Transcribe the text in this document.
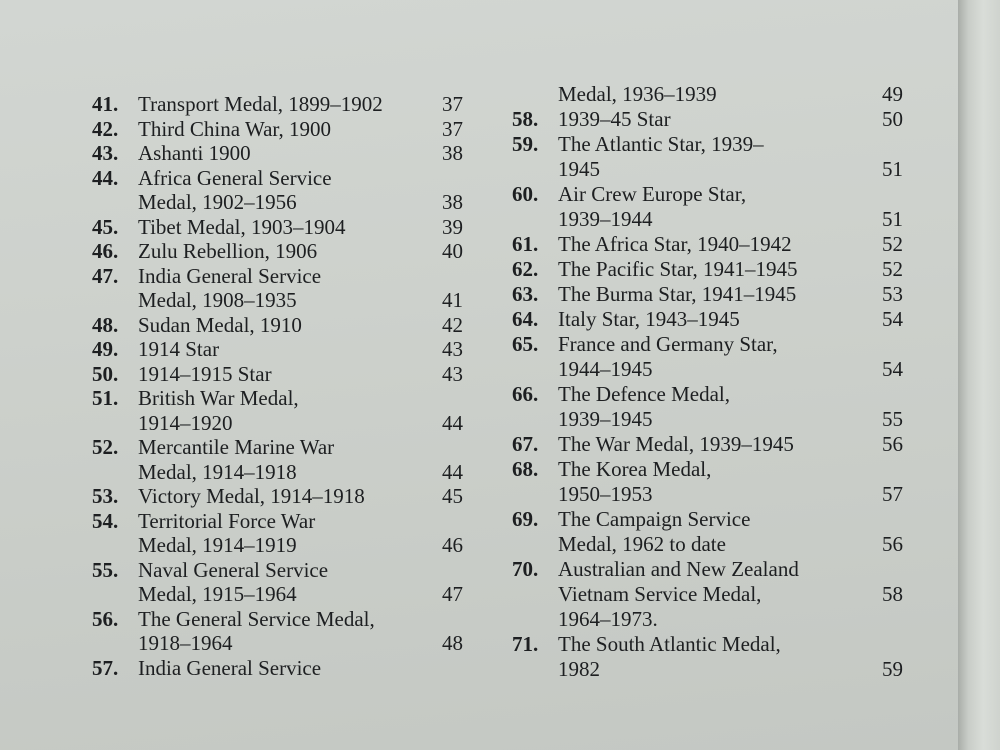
41. Transport Medal, 1899–1902	37
42. Third China War, 1900	37
43. Ashanti 1900	38
44. Africa General Service
Medal, 1902–1956	38
45. Tibet Medal, 1903–1904	39
46. Zulu Rebellion, 1906	40
47. India General Service
Medal, 1908–1935	41
48. Sudan Medal, 1910	42
49. 1914 Star	43
50. 1914–1915 Star	43
51. British War Medal,
1914–1920	44
52. Mercantile Marine War
Medal, 1914–1918	44
53. Victory Medal, 1914–1918	45
54. Territorial Force War
Medal, 1914–1919	46
55. Naval General Service
Medal, 1915–1964	47
56. The General Service Medal,
1918–1964	48
57. India General Service
Medal, 1936–1939	49
58. 1939–45 Star	50
59. The Atlantic Star, 1939–
1945	51
60. Air Crew Europe Star,
1939–1944	51
61. The Africa Star, 1940–1942	52
62. The Pacific Star, 1941–1945	52
63. The Burma Star, 1941–1945	53
64. Italy Star, 1943–1945	54
65. France and Germany Star,
1944–1945	54
66. The Defence Medal,
1939–1945	55
67. The War Medal, 1939–1945	56
68. The Korea Medal,
1950–1953	57
69. The Campaign Service
Medal, 1962 to date	56
70. Australian and New Zealand
Vietnam Service Medal,	58
1964–1973.
71. The South Atlantic Medal,
1982	59
